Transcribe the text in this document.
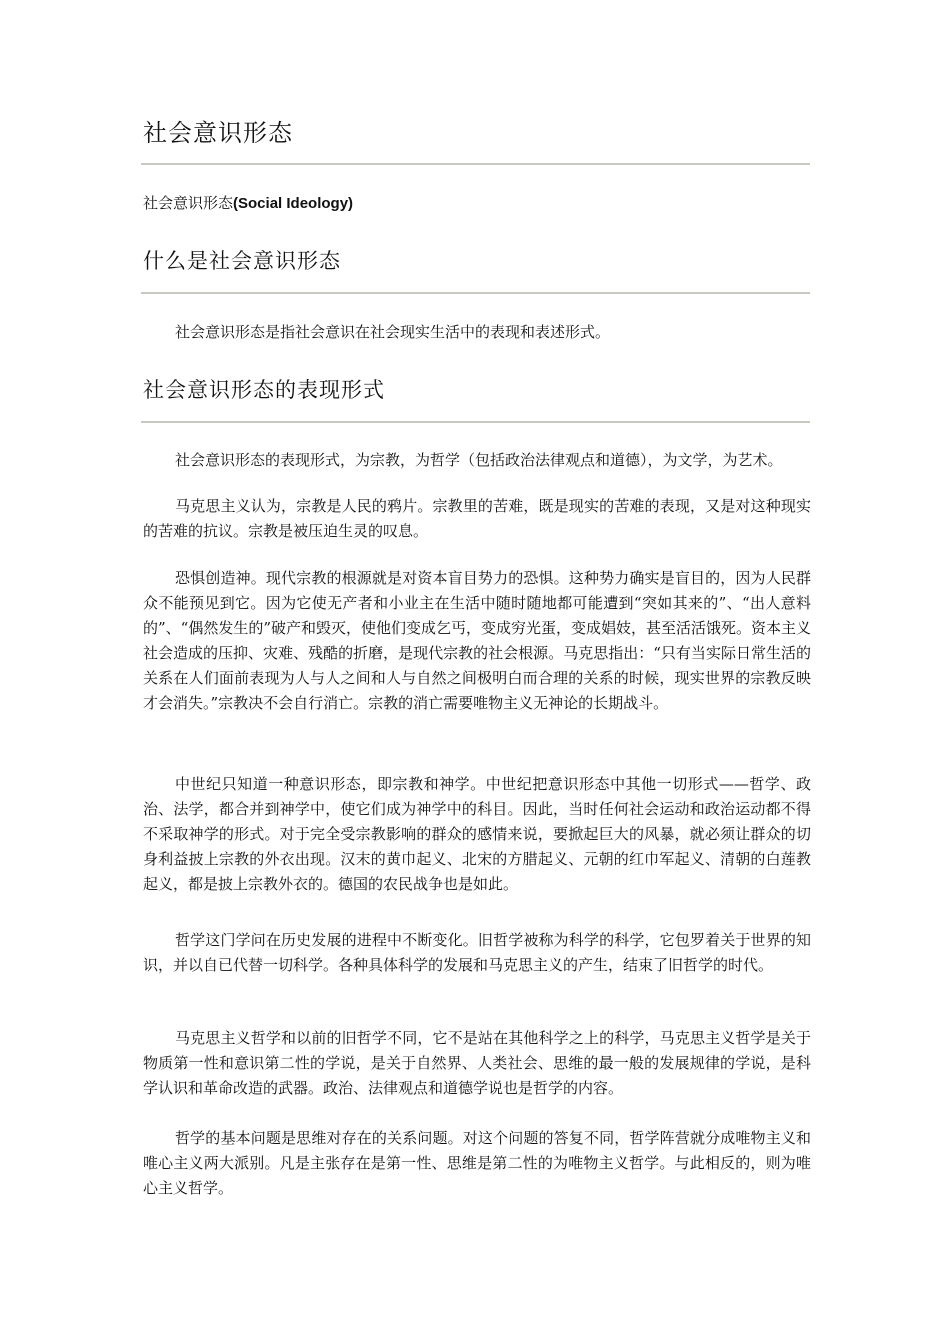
社会意识形态
社会意识形态(Social Ideology)
什么是社会意识形态

社会意识形态是指社会意识在社会现实生活中的表现和表述形式。

社会意识形态的表现形式

社会意识形态的表现形式，为宗教，为哲学（包括政治法律观点和道德），为文学，为艺术。

马克思主义认为，宗教是人民的鸦片。宗教里的苦难，既是现实的苦难的表现，又是对这种现实的苦难的抗议。宗教是被压迫生灵的叹息。

恐惧创造神。现代宗教的根源就是对资本盲目势力的恐惧。这种势力确实是盲目的，因为人民群众不能预见到它。因为它使无产者和小业主在生活中随时随地都可能遭到“突如其来的”、“出人意料的”、“偶然发生的”破产和毁灭，使他们变成乞丐，变成穷光蛋，变成娼妓，甚至活活饿死。资本主义社会造成的压抑、灾难、残酷的折磨，是现代宗教的社会根源。马克思指出：“只有当实际日常生活的关系在人们面前表现为人与人之间和人与自然之间极明白而合理的关系的时候，现实世界的宗教反映才会消失。”宗教决不会自行消亡。宗教的消亡需要唯物主义无神论的长期战斗。

中世纪只知道一种意识形态，即宗教和神学。中世纪把意识形态中其他一切形式——哲学、政治、法学，都合并到神学中，使它们成为神学中的科目。因此，当时任何社会运动和政治运动都不得不采取神学的形式。对于完全受宗教影响的群众的感情来说，要掀起巨大的风暴，就必须让群众的切身利益披上宗教的外衣出现。汉末的黄巾起义、北宋的方腊起义、元朝的红巾军起义、清朝的白莲教起义，都是披上宗教外衣的。德国的农民战争也是如此。

哲学这门学问在历史发展的进程中不断变化。旧哲学被称为科学的科学，它包罗着关于世界的知识，并以自已代替一切科学。各种具体科学的发展和马克思主义的产生，结束了旧哲学的时代。

马克思主义哲学和以前的旧哲学不同，它不是站在其他科学之上的科学，马克思主义哲学是关于物质第一性和意识第二性的学说，是关于自然界、人类社会、思维的最一般的发展规律的学说，是科学认识和革命改造的武器。政治、法律观点和道德学说也是哲学的内容。

哲学的基本问题是思维对存在的关系问题。对这个问题的答复不同，哲学阵营就分成唯物主义和唯心主义两大派别。凡是主张存在是第一性、思维是第二性的为唯物主义哲学。与此相反的，则为唯心主义哲学。
